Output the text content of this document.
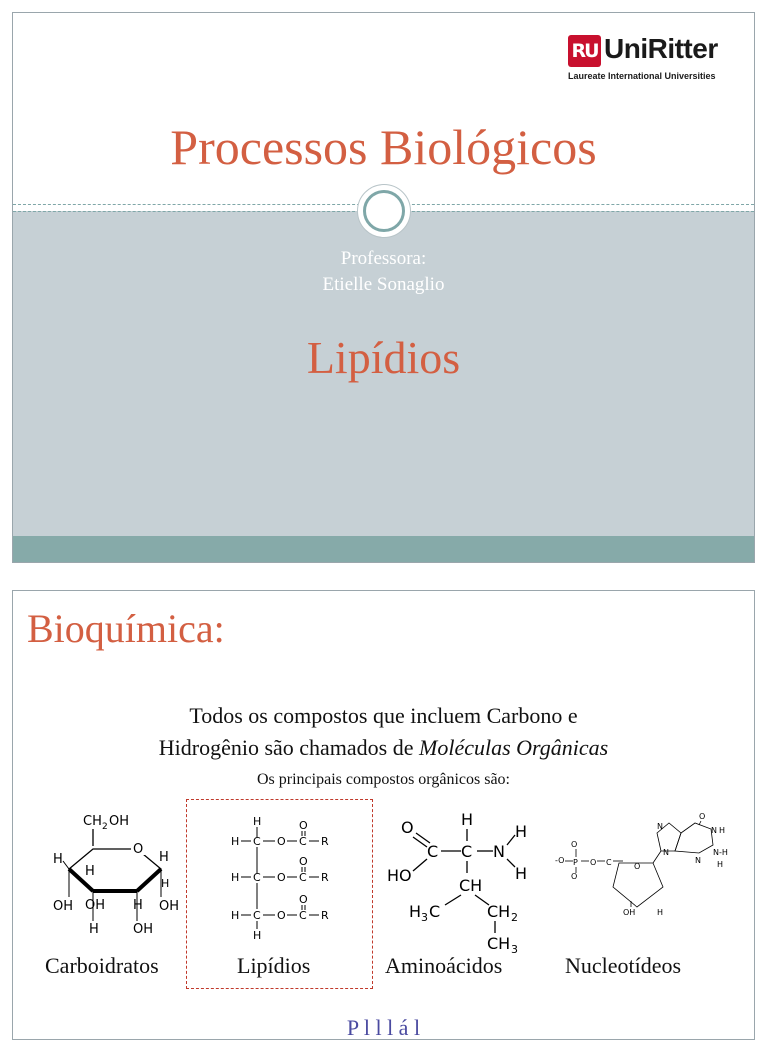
RU UniRitter
Laureate International Universities
Processos Biológicos
Professora:
Etielle Sonaglio
Lipídios
Bioquímica:
Todos os compostos que incluem Carbono e
Hidrogênio são chamados de Moléculas Orgânicas
Os principais compostos orgânicos são:
CH 2 OH
O
H
H
H
OH OH
H
H
OH
OH
H
H
H C O C
O
R
H C O C
O
R
H C O C
O
R
H
O
C
HO
C
H
N
H
H
CH
H 3 C	CH 2
CH 3
O
-O P
O
O C	O
OH	H
N
N
O
N H
N-H
N H
Carboidratos	Lipídios	Aminoácidos	Nucleotídeos
P l l l á l
